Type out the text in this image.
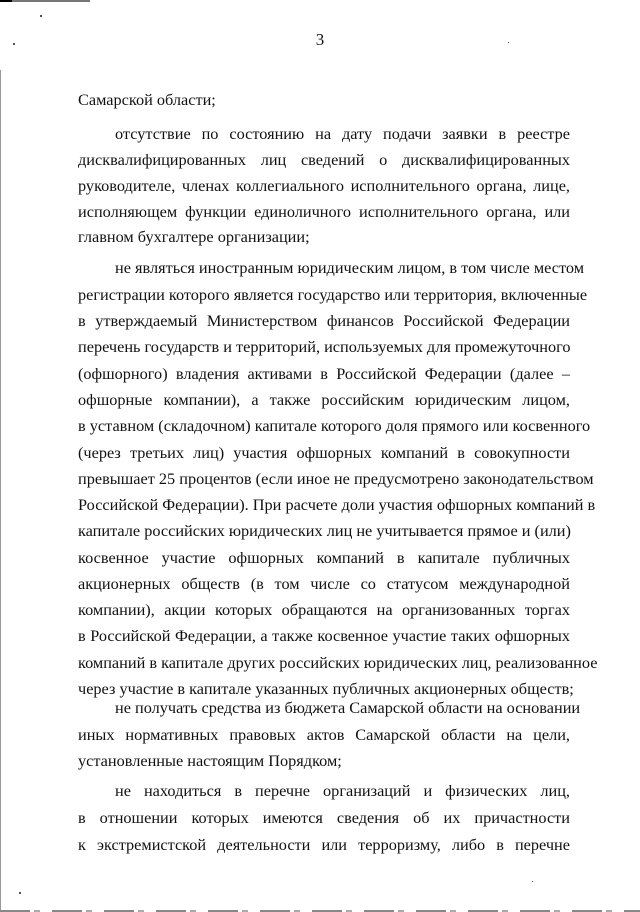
3
Самарской области;
отсутствие по состоянию на дату подачи заявки в реестре
дисквалифицированных лиц сведений о дисквалифицированных
руководителе, членах коллегиального исполнительного органа, лице,
исполняющем функции единоличного исполнительного органа, или
главном бухгалтере организации;
не являться иностранным юридическим лицом, в том числе местом
регистрации которого является государство или территория, включенные
в утверждаемый Министерством финансов Российской Федерации
перечень государств и территорий, используемых для промежуточного
(офшорного) владения активами в Российской Федерации (далее –
офшорные компании), а также российским юридическим лицом,
в уставном (складочном) капитале которого доля прямого или косвенного
(через третьих лиц) участия офшорных компаний в совокупности
превышает 25 процентов (если иное не предусмотрено законодательством
Российской Федерации). При расчете доли участия офшорных компаний в
капитале российских юридических лиц не учитывается прямое и (или)
косвенное участие офшорных компаний в капитале публичных
акционерных обществ (в том числе со статусом международной
компании), акции которых обращаются на организованных торгах
в Российской Федерации, а также косвенное участие таких офшорных
компаний в капитале других российских юридических лиц, реализованное
через участие в капитале указанных публичных акционерных обществ;
не получать средства из бюджета Самарской области на основании
иных нормативных правовых актов Самарской области на цели,
установленные настоящим Порядком;
не находиться в перечне организаций и физических лиц,
в отношении которых имеются сведения об их причастности
к экстремистской деятельности или терроризму, либо в перечне
